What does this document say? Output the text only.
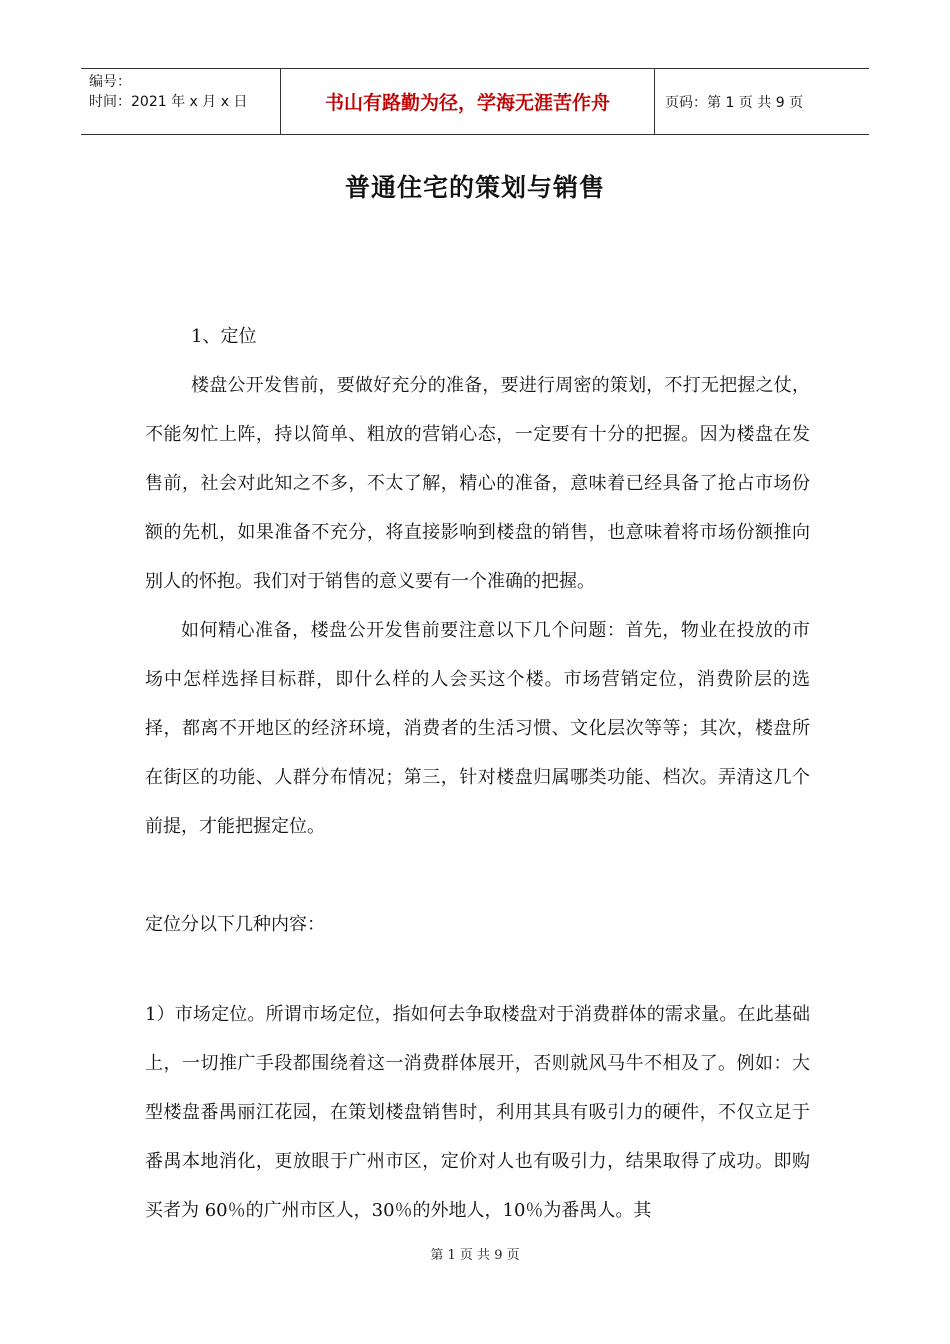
编号：
时间：2021 年 x 月 x 日	书山有路勤为径，学海无涯苦作舟	页码：第 1 页 共 9 页
普通住宅的策划与销售

1、定位

楼盘公开发售前，要做好充分的准备，要进行周密的策划，不打无把握之仗，不能匆忙上阵，持以简单、粗放的营销心态，一定要有十分的把握。因为楼盘在发售前，社会对此知之不多，不太了解，精心的准备，意味着已经具备了抢占市场份额的先机，如果准备不充分，将直接影响到楼盘的销售，也意味着将市场份额推向别人的怀抱。我们对于销售的意义要有一个准确的把握。

如何精心准备，楼盘公开发售前要注意以下几个问题：首先，物业在投放的市场中怎样选择目标群，即什么样的人会买这个楼。市场营销定位，消费阶层的选择，都离不开地区的经济环境，消费者的生活习惯、文化层次等等；其次，楼盘所在街区的功能、人群分布情况；第三，针对楼盘归属哪类功能、档次。弄清这几个前提，才能把握定位。

定位分以下几种内容：

1）市场定位。所谓市场定位，指如何去争取楼盘对于消费群体的需求量。在此基础上，一切推广手段都围绕着这一消费群体展开，否则就风马牛不相及了。例如：大型楼盘番禺丽江花园，在策划楼盘销售时，利用其具有吸引力的硬件，不仅立足于番禺本地消化，更放眼于广州市区，定价对人也有吸引力，结果取得了成功。即购买者为 60％的广州市区人，30％的外地人，10％为番禺人。其

第 1 页 共 9 页
